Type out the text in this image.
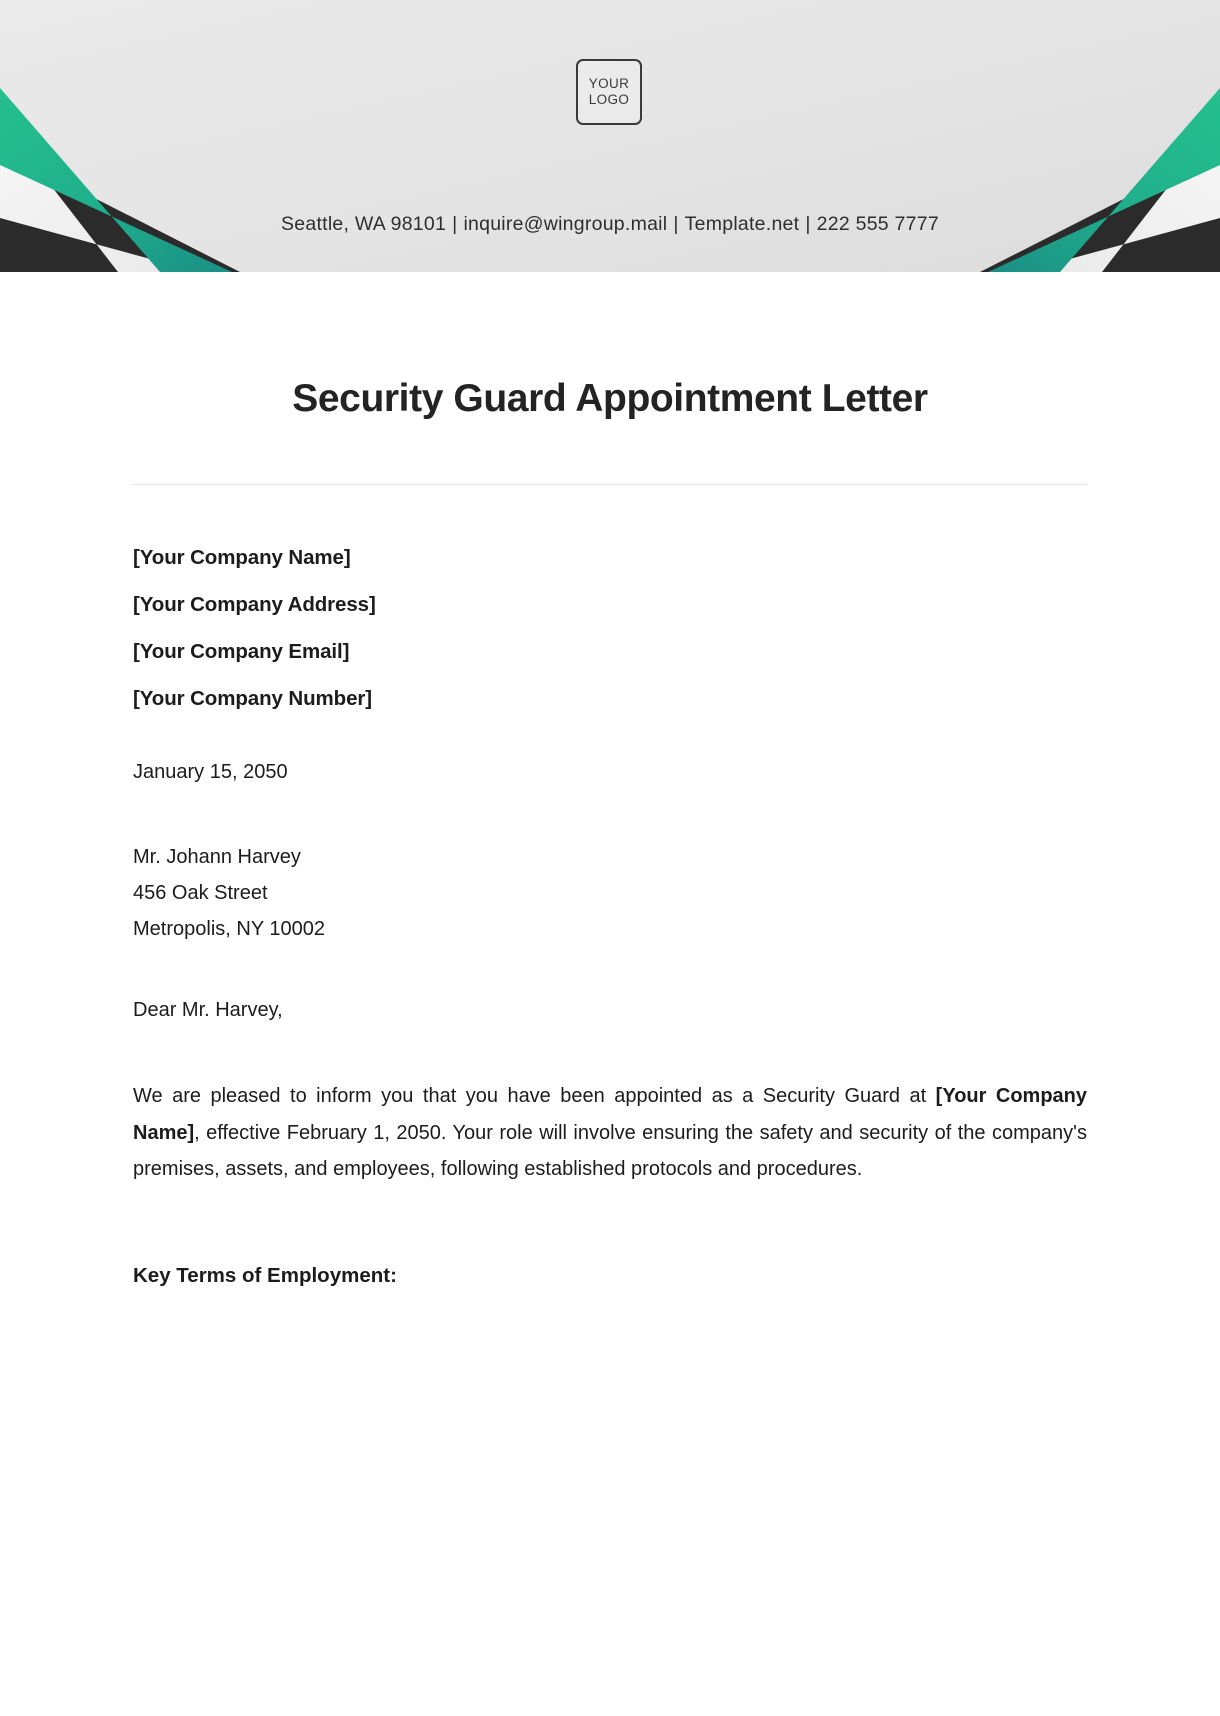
YOUR
LOGO
Seattle, WA 98101 | inquire@wingroup.mail | Template.net | 222 555 7777
Security Guard Appointment Letter
[Your Company Name]
[Your Company Address]
[Your Company Email]
[Your Company Number]
January 15, 2050
Mr. Johann Harvey
456 Oak Street
Metropolis, NY 10002
Dear Mr. Harvey,

We are pleased to inform you that you have been appointed as a Security Guard at [Your Company Name], effective February 1, 2050. Your role will involve ensuring the safety and security of the company's premises, assets, and employees, following established protocols and procedures.

Key Terms of Employment:
